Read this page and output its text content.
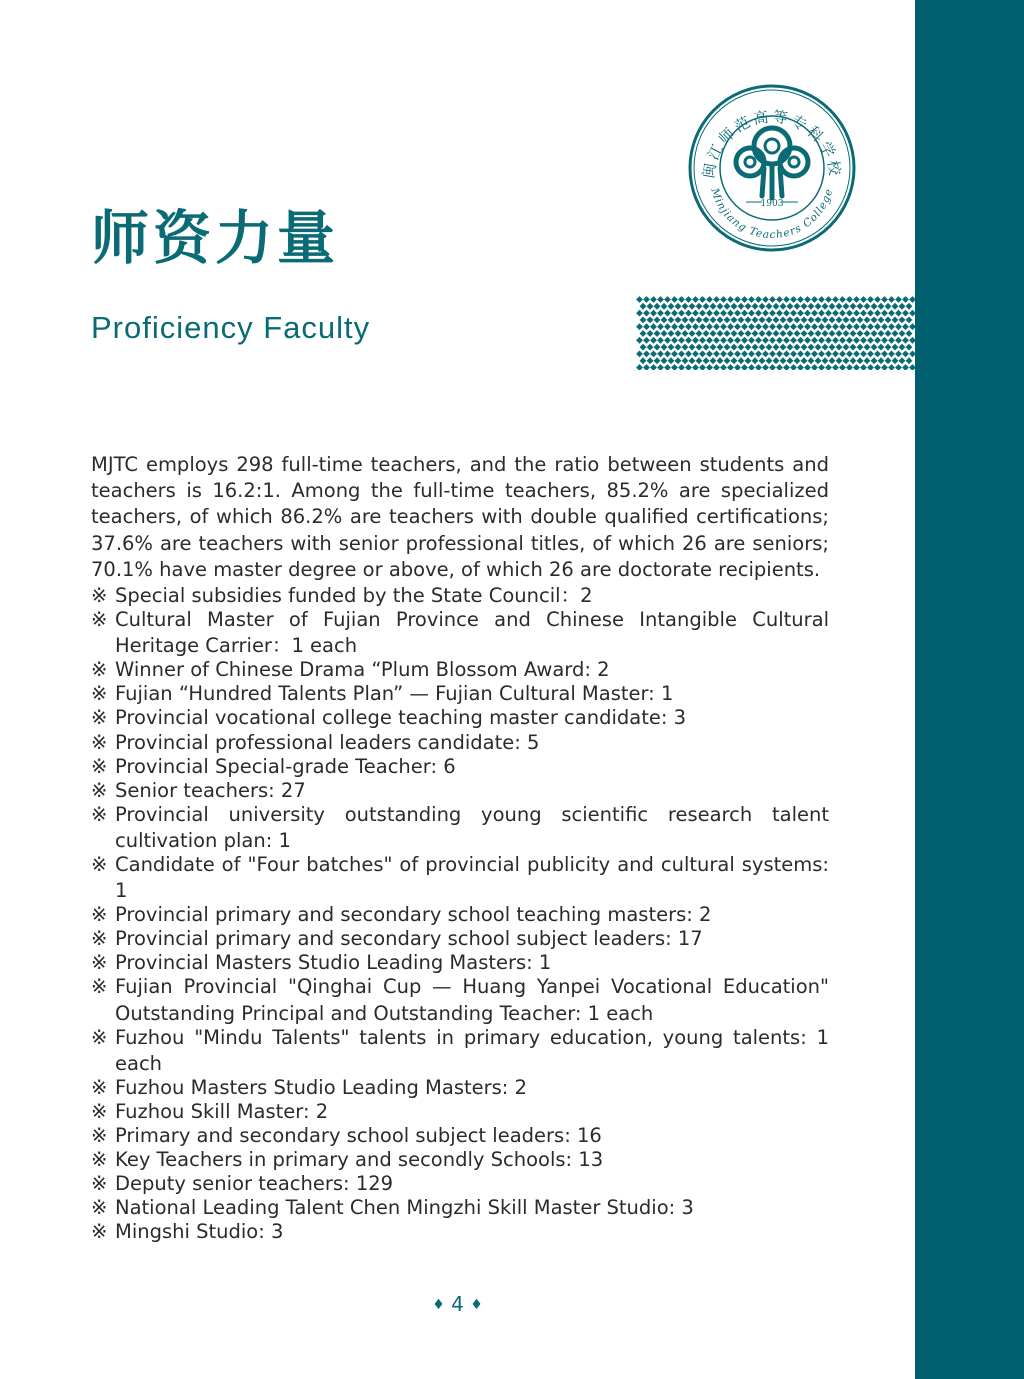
闽江师范高等专科学校
Minjiang Teachers College
1903
师资力量
Proficiency Faculty

MJTC employs 298 full-time teachers, and the ratio between students and teachers is 16.2:1. Among the full-time teachers, 85.2% are specialized teachers, of which 86.2% are teachers with double qualified certifications; 37.6% are teachers with senior professional titles, of which 26 are seniors; 70.1% have master degree or above, of which 26 are doctorate recipients.

※ Special subsidies funded by the State Council：2
※ Cultural Master of Fujian Province and Chinese Intangible Cultural Heritage Carrier：1 each
※ Winner of Chinese Drama “Plum Blossom Award: 2
※ Fujian “Hundred Talents Plan” — Fujian Cultural Master: 1
※ Provincial vocational college teaching master candidate: 3
※ Provincial professional leaders candidate: 5
※ Provincial Special-grade Teacher: 6
※ Senior teachers: 27
※ Provincial university outstanding young scientific research talent cultivation plan: 1
※ Candidate of "Four batches" of provincial publicity and cultural systems: 1
※ Provincial primary and secondary school teaching masters: 2
※ Provincial primary and secondary school subject leaders: 17
※ Provincial Masters Studio Leading Masters: 1
※ Fujian Provincial "Qinghai Cup — Huang Yanpei Vocational Education" Outstanding Principal and Outstanding Teacher: 1 each
※ Fuzhou "Mindu Talents" talents in primary education, young talents: 1 each
※ Fuzhou Masters Studio Leading Masters: 2
※ Fuzhou Skill Master: 2
※ Primary and secondary school subject leaders: 16
※ Key Teachers in primary and secondly Schools: 13
※ Deputy senior teachers: 129
※ National Leading Talent Chen Mingzhi Skill Master Studio: 3
※ Mingshi Studio: 3
♦ 4 ♦
